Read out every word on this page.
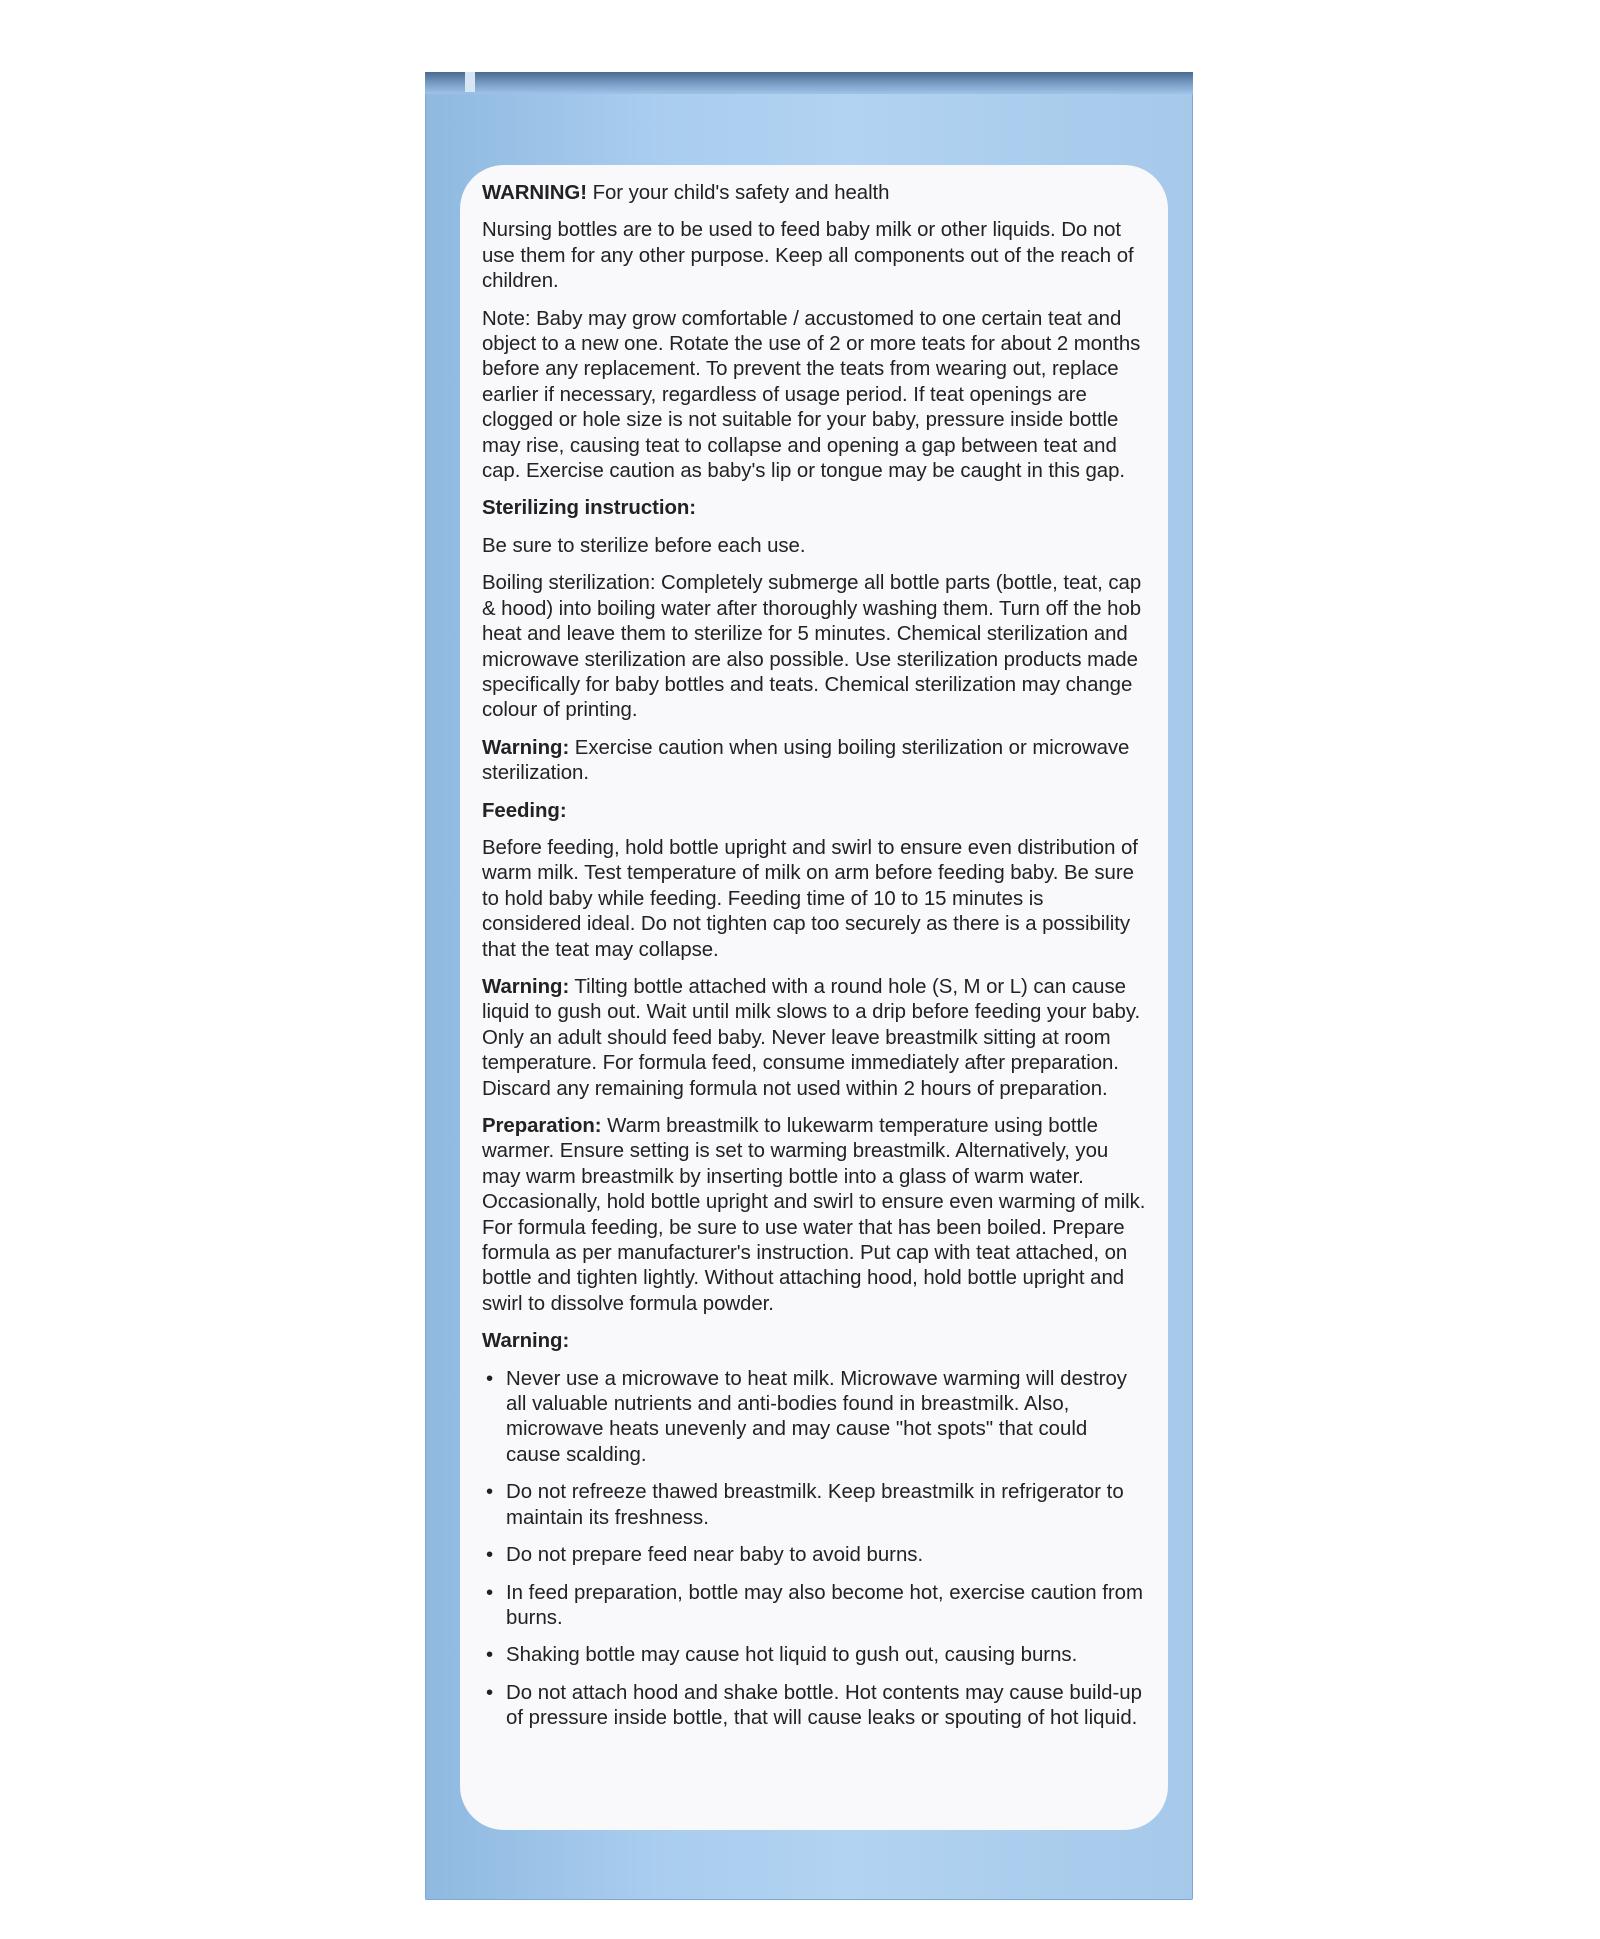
WARNING! For your child's safety and health

Nursing bottles are to be used to feed baby milk or other liquids. Do not use them for any other purpose. Keep all components out of the reach of children.

Note: Baby may grow comfortable / accustomed to one certain teat and object to a new one. Rotate the use of 2 or more teats for about 2 months before any replacement. To prevent the teats from wearing out, replace earlier if necessary, regardless of usage period. If teat openings are clogged or hole size is not suitable for your baby, pressure inside bottle may rise, causing teat to collapse and opening a gap between teat and cap. Exercise caution as baby's lip or tongue may be caught in this gap.

Sterilizing instruction:

Be sure to sterilize before each use.

Boiling sterilization: Completely submerge all bottle parts (bottle, teat, cap & hood) into boiling water after thoroughly washing them. Turn off the hob heat and leave them to sterilize for 5 minutes. Chemical sterilization and microwave sterilization are also possible. Use sterilization products made specifically for baby bottles and teats. Chemical sterilization may change colour of printing.

Warning: Exercise caution when using boiling sterilization or microwave sterilization.

Feeding:

Before feeding, hold bottle upright and swirl to ensure even distribution of warm milk. Test temperature of milk on arm before feeding baby. Be sure to hold baby while feeding. Feeding time of 10 to 15 minutes is considered ideal. Do not tighten cap too securely as there is a possibility that the teat may collapse.

Warning: Tilting bottle attached with a round hole (S, M or L) can cause liquid to gush out. Wait until milk slows to a drip before feeding your baby. Only an adult should feed baby. Never leave breastmilk sitting at room temperature. For formula feed, consume immediately after preparation. Discard any remaining formula not used within 2 hours of preparation.

Preparation: Warm breastmilk to lukewarm temperature using bottle warmer. Ensure setting is set to warming breastmilk. Alternatively, you may warm breastmilk by inserting bottle into a glass of warm water. Occasionally, hold bottle upright and swirl to ensure even warming of milk. For formula feeding, be sure to use water that has been boiled. Prepare formula as per manufacturer's instruction. Put cap with teat attached, on bottle and tighten lightly. Without attaching hood, hold bottle upright and swirl to dissolve formula powder.

Warning:

• Never use a microwave to heat milk. Microwave warming will destroy all valuable nutrients and anti-bodies found in breastmilk. Also, microwave heats unevenly and may cause "hot spots" that could cause scalding.
• Do not refreeze thawed breastmilk. Keep breastmilk in refrigerator to maintain its freshness.
• Do not prepare feed near baby to avoid burns.
• In feed preparation, bottle may also become hot, exercise caution from burns.
• Shaking bottle may cause hot liquid to gush out, causing burns.
• Do not attach hood and shake bottle. Hot contents may cause build-up of pressure inside bottle, that will cause leaks or spouting of hot liquid.
